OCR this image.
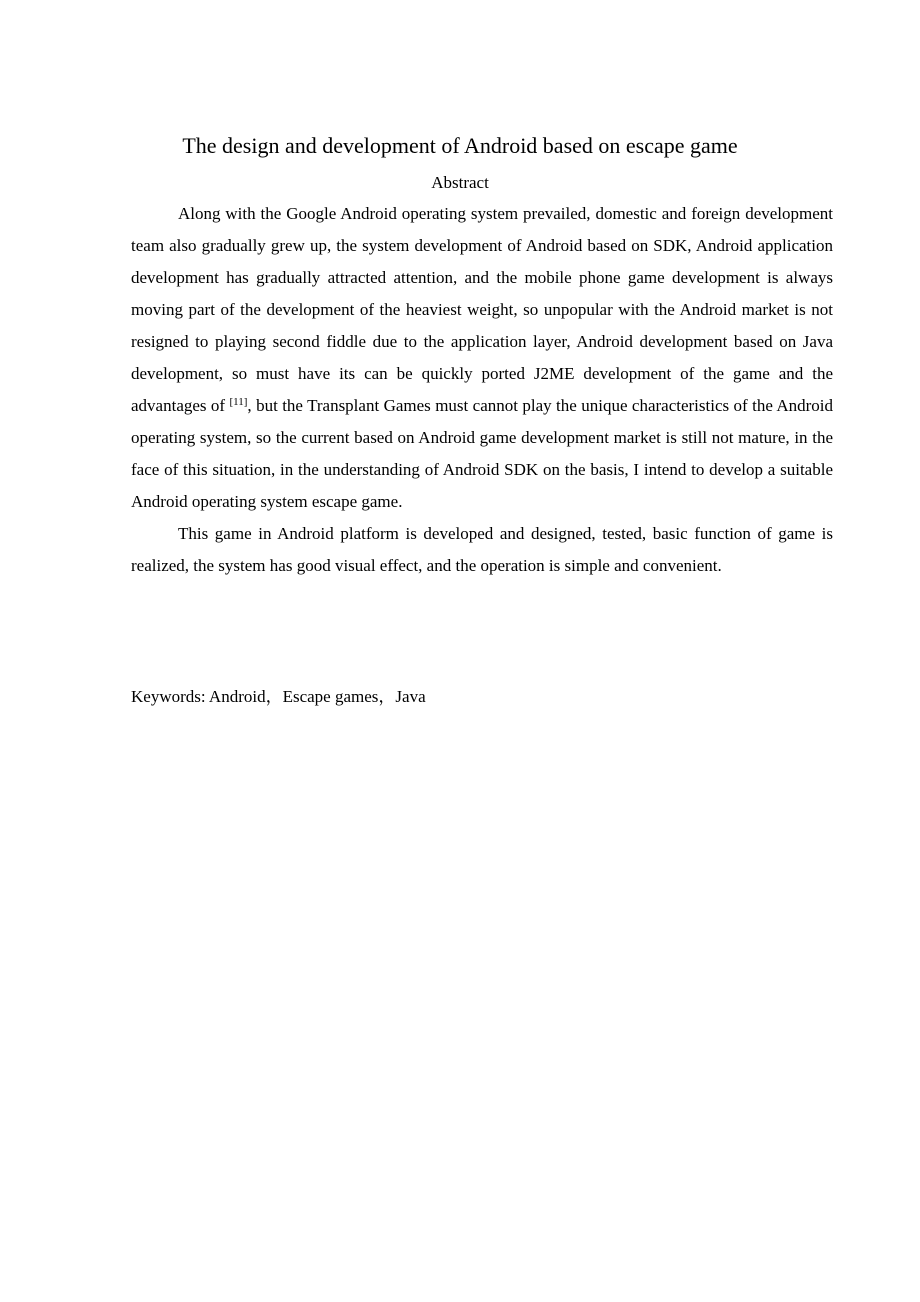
The design and development of Android based on escape game
Abstract

Along with the Google Android operating system prevailed, domestic and foreign development team also gradually grew up, the system development of Android based on SDK, Android application development has gradually attracted attention, and the mobile phone game development is always moving part of the development of the heaviest weight, so unpopular with the Android market is not resigned to playing second fiddle due to the application layer, Android development based on Java development, so must have its can be quickly ported J2ME development of the game and the advantages of [11], but the Transplant Games must cannot play the unique characteristics of the Android operating system, so the current based on Android game development market is still not mature, in the face of this situation, in the understanding of Android SDK on the basis, I intend to develop a suitable Android operating system escape game.

This game in Android platform is developed and designed, tested, basic function of game is realized, the system has good visual effect, and the operation is simple and convenient.

Keywords: Android，Escape games，Java
